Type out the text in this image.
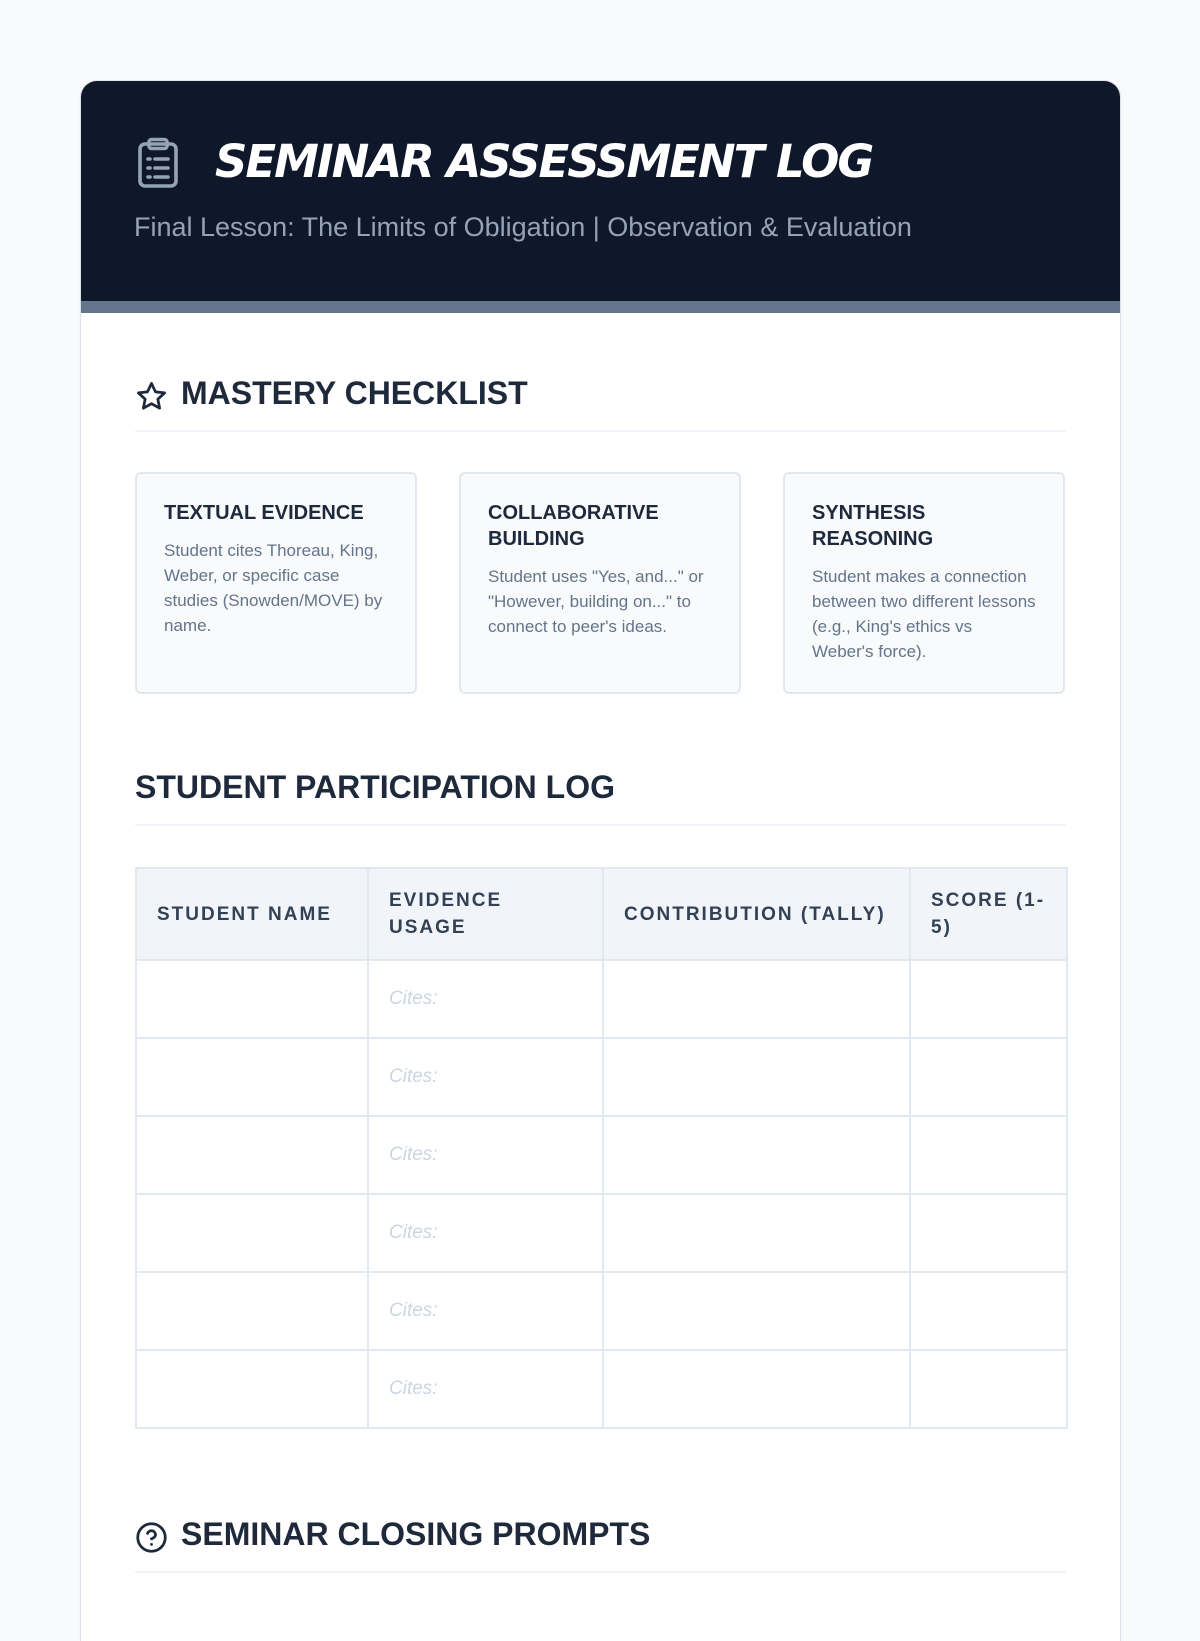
SEMINAR ASSESSMENT LOG

Final Lesson: The Limits of Obligation | Observation & Evaluation

MASTERY CHECKLIST
TEXTUAL EVIDENCE

Student cites Thoreau, King, Weber, or specific case studies (Snowden/MOVE) by name.

COLLABORATIVE BUILDING

Student uses "Yes, and..." or "However, building on..." to connect to peer's ideas.

SYNTHESIS REASONING

Student makes a connection between two different lessons (e.g., King's ethics vs Weber's force).

STUDENT PARTICIPATION LOG
STUDENT NAME	EVIDENCE USAGE	CONTRIBUTION (TALLY)	SCORE (1-5)
	Cites:		
	Cites:		
	Cites:		
	Cites:		
	Cites:		
	Cites:		
SEMINAR CLOSING PROMPTS
